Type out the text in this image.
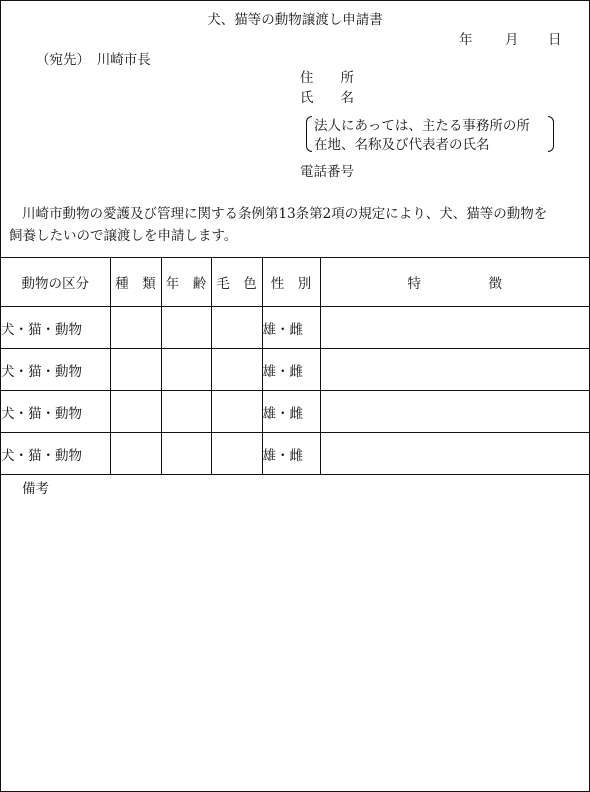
犬、猫等の動物譲渡し申請書
年 月 日
（宛先）　川崎市長
住　　所
氏　　名
法人にあっては、主たる事務所の所
在地、名称及び代表者の氏名
電話番号
川崎市動物の愛護及び管理に関する条例第13条第2項の規定により、犬、猫等の動物を
飼養したいので譲渡しを申請します。
動物の区分	種　類	年　齢	毛　色	性　別	特　　　　　徴
犬・猫・動物				雄・雌	
犬・猫・動物				雄・雌	
犬・猫・動物				雄・雌	
犬・猫・動物				雄・雌	
備考
